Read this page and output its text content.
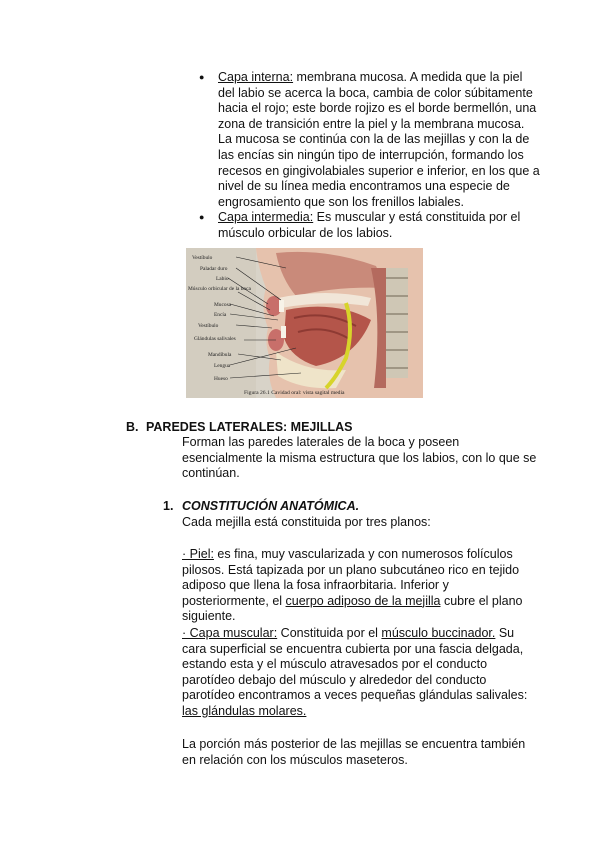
● Capa interna: membrana mucosa. A medida que la piel del labio se acerca la boca, cambia de color súbitamente hacia el rojo; este borde rojizo es el borde bermellón, una zona de transición entre la piel y la membrana mucosa. La mucosa se continúa con la de las mejillas y con la de las encías sin ningún tipo de interrupción, formando los recesos en gingivolabiales superior e inferior, en los que a nivel de su línea media encontramos una especie de engrosamiento que son los frenillos labiales.
● Capa intermedia: Es muscular y está constituida por el músculo orbicular de los labios.
Vestíbulo
Paladar duro
Labio
Músculo orbicular de la boca
Mucosa
Encía
Vestíbulo
Glándulas salivales
Mandíbula
Lengua
Hueso
Figura 26.1 Cavidad oral: vista sagital media
B. PAREDES LATERALES: MEJILLAS

Forman las paredes laterales de la boca y poseen esencialmente la misma estructura que los labios, con lo que se continúan.

1. CONSTITUCIÓN ANATÓMICA.

Cada mejilla está constituida por tres planos:

· Piel: es fina, muy vascularizada y con numerosos folículos pilosos. Está tapizada por un plano subcutáneo rico en tejido adiposo que llena la fosa infraorbitaria. Inferior y posteriormente, el cuerpo adiposo de la mejilla cubre el plano siguiente.

· Capa muscular: Constituida por el músculo buccinador. Su cara superficial se encuentra cubierta por una fascia delgada, estando esta y el músculo atravesados por el conducto parotídeo debajo del músculo y alrededor del conducto parotídeo encontramos a veces pequeñas glándulas salivales: las glándulas molares.

La porción más posterior de las mejillas se encuentra también en relación con los músculos maseteros.
